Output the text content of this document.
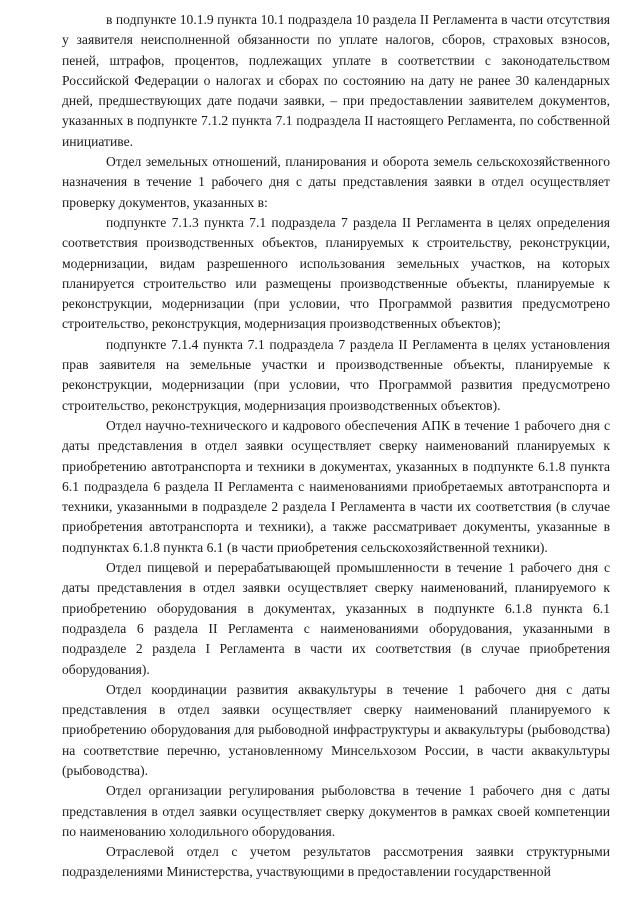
в подпункте 10.1.9 пункта 10.1 подраздела 10 раздела II Регламента в части отсутствия у заявителя неисполненной обязанности по уплате налогов, сборов, страховых взносов, пеней, штрафов, процентов, подлежащих уплате в соответствии с законодательством Российской Федерации о налогах и сборах по состоянию на дату не ранее 30 календарных дней, предшествующих дате подачи заявки, – при предоставлении заявителем документов, указанных в подпункте 7.1.2 пункта 7.1 подраздела II настоящего Регламента, по собственной инициативе.

Отдел земельных отношений, планирования и оборота земель сельскохозяйственного назначения в течение 1 рабочего дня с даты представления заявки в отдел осуществляет проверку документов, указанных в:

подпункте 7.1.3 пункта 7.1 подраздела 7 раздела II Регламента в целях определения соответствия производственных объектов, планируемых к строительству, реконструкции, модернизации, видам разрешенного использования земельных участков, на которых планируется строительство или размещены производственные объекты, планируемые к реконструкции, модернизации (при условии, что Программой развития предусмотрено строительство, реконструкция, модернизация производственных объектов);

подпункте 7.1.4 пункта 7.1 подраздела 7 раздела II Регламента в целях установления прав заявителя на земельные участки и производственные объекты, планируемые к реконструкции, модернизации (при условии, что Программой развития предусмотрено строительство, реконструкция, модернизация производственных объектов).

Отдел научно-технического и кадрового обеспечения АПК в течение 1 рабочего дня с даты представления в отдел заявки осуществляет сверку наименований планируемых к приобретению автотранспорта и техники в документах, указанных в подпункте 6.1.8 пункта 6.1 подраздела 6 раздела II Регламента с наименованиями приобретаемых автотранспорта и техники, указанными в подразделе 2 раздела I Регламента в части их соответствия (в случае приобретения автотранспорта и техники), а также рассматривает документы, указанные в подпунктах 6.1.8 пункта 6.1 (в части приобретения сельскохозяйственной техники).

Отдел пищевой и перерабатывающей промышленности в течение 1 рабочего дня с даты представления в отдел заявки осуществляет сверку наименований, планируемого к приобретению оборудования в документах, указанных в подпункте 6.1.8 пункта 6.1 подраздела 6 раздела II Регламента с наименованиями оборудования, указанными в подразделе 2 раздела I Регламента в части их соответствия (в случае приобретения оборудования).

Отдел координации развития аквакультуры в течение 1 рабочего дня с даты представления в отдел заявки осуществляет сверку наименований планируемого к приобретению оборудования для рыбоводной инфраструктуры и аквакультуры (рыбоводства) на соответствие перечню, установленному Минсельхозом России, в части аквакультуры (рыбоводства).

Отдел организации регулирования рыболовства в течение 1 рабочего дня с даты представления в отдел заявки осуществляет сверку документов в рамках своей компетенции по наименованию холодильного оборудования.

Отраслевой отдел с учетом результатов рассмотрения заявки структурными подразделениями Министерства, участвующими в предоставлении государственной
